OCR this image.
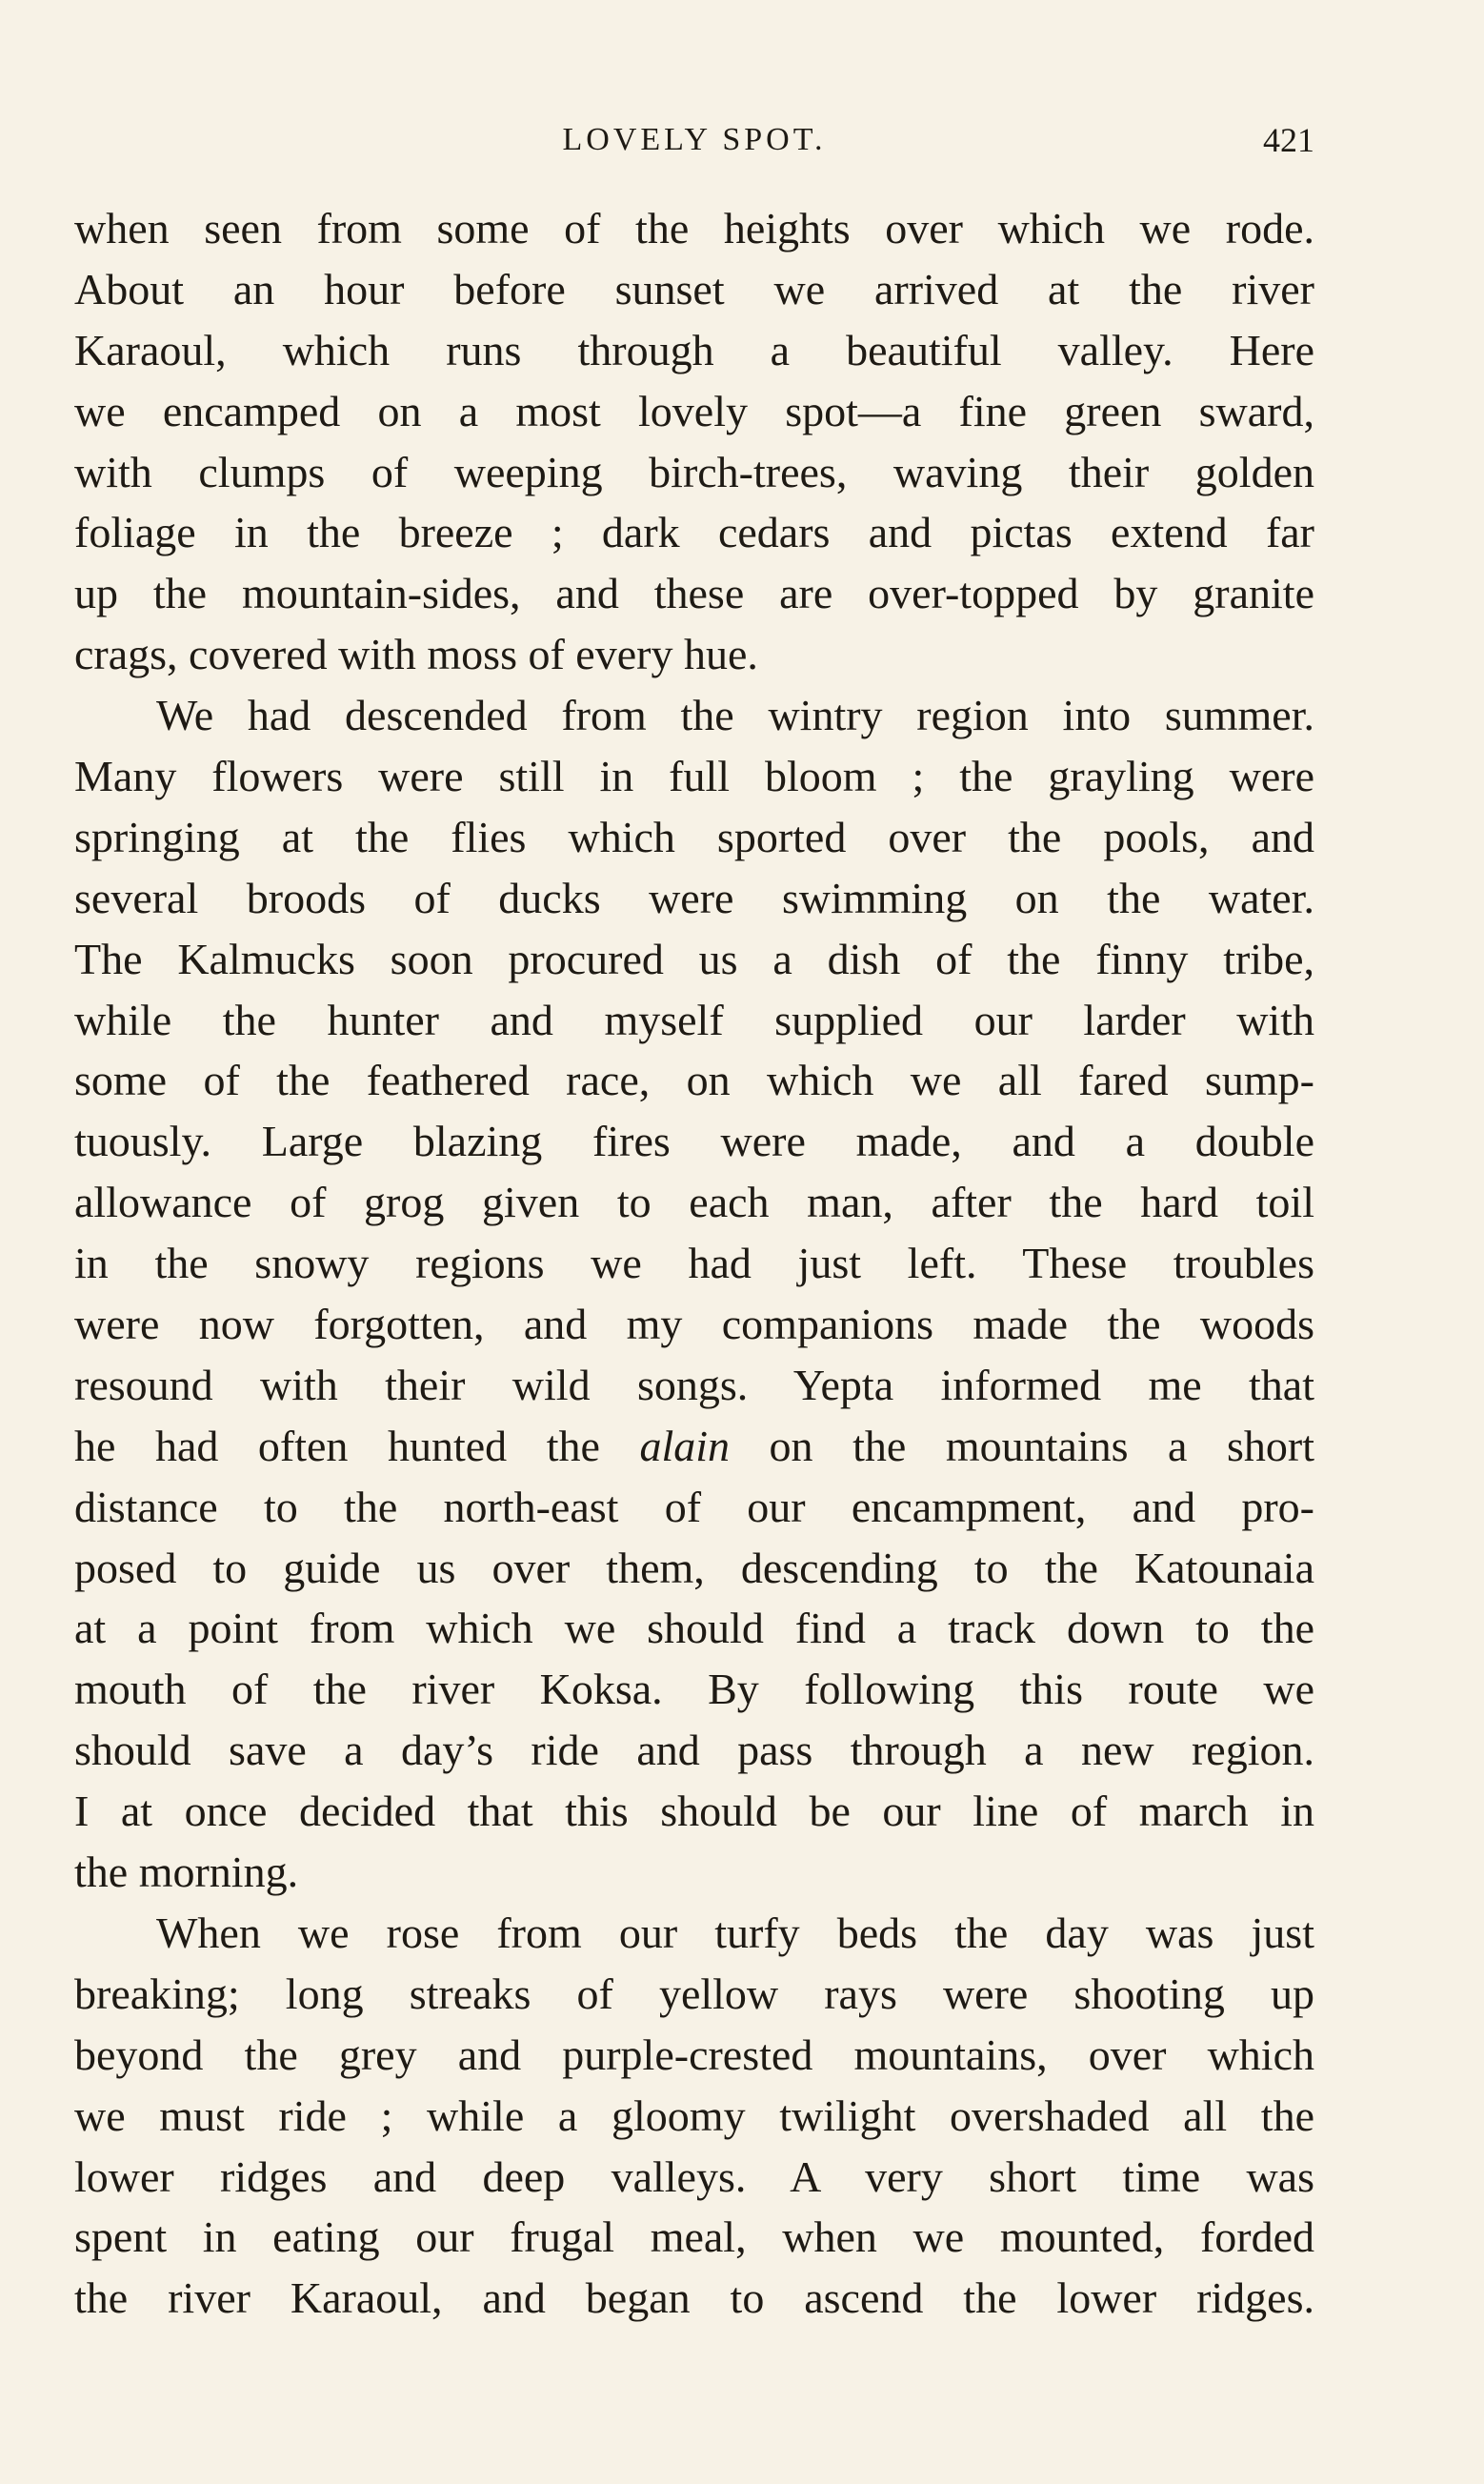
LOVELY SPOT.	421
when seen from some of the heights over which we rode.
About an hour before sunset we arrived at the river
Karaoul, which runs through a beautiful valley. Here
we encamped on a most lovely spot—a fine green sward,
with clumps of weeping birch-trees, waving their golden
foliage in the breeze ; dark cedars and pictas extend far
up the mountain-sides, and these are over-topped by granite
crags, covered with moss of every hue.
We had descended from the wintry region into summer.
Many flowers were still in full bloom ; the grayling were
springing at the flies which sported over the pools, and
several broods of ducks were swimming on the water.
The Kalmucks soon procured us a dish of the finny tribe,
while the hunter and myself supplied our larder with
some of the feathered race, on which we all fared sump-
tuously. Large blazing fires were made, and a double
allowance of grog given to each man, after the hard toil
in the snowy regions we had just left. These troubles
were now forgotten, and my companions made the woods
resound with their wild songs. Yepta informed me that
he had often hunted the alain on the mountains a short
distance to the north-east of our encampment, and pro-
posed to guide us over them, descending to the Katounaia
at a point from which we should find a track down to the
mouth of the river Koksa. By following this route we
should save a day’s ride and pass through a new region.
I at once decided that this should be our line of march in
the morning.
When we rose from our turfy beds the day was just
breaking; long streaks of yellow rays were shooting up
beyond the grey and purple-crested mountains, over which
we must ride ; while a gloomy twilight overshaded all the
lower ridges and deep valleys. A very short time was
spent in eating our frugal meal, when we mounted, forded
the river Karaoul, and began to ascend the lower ridges.
